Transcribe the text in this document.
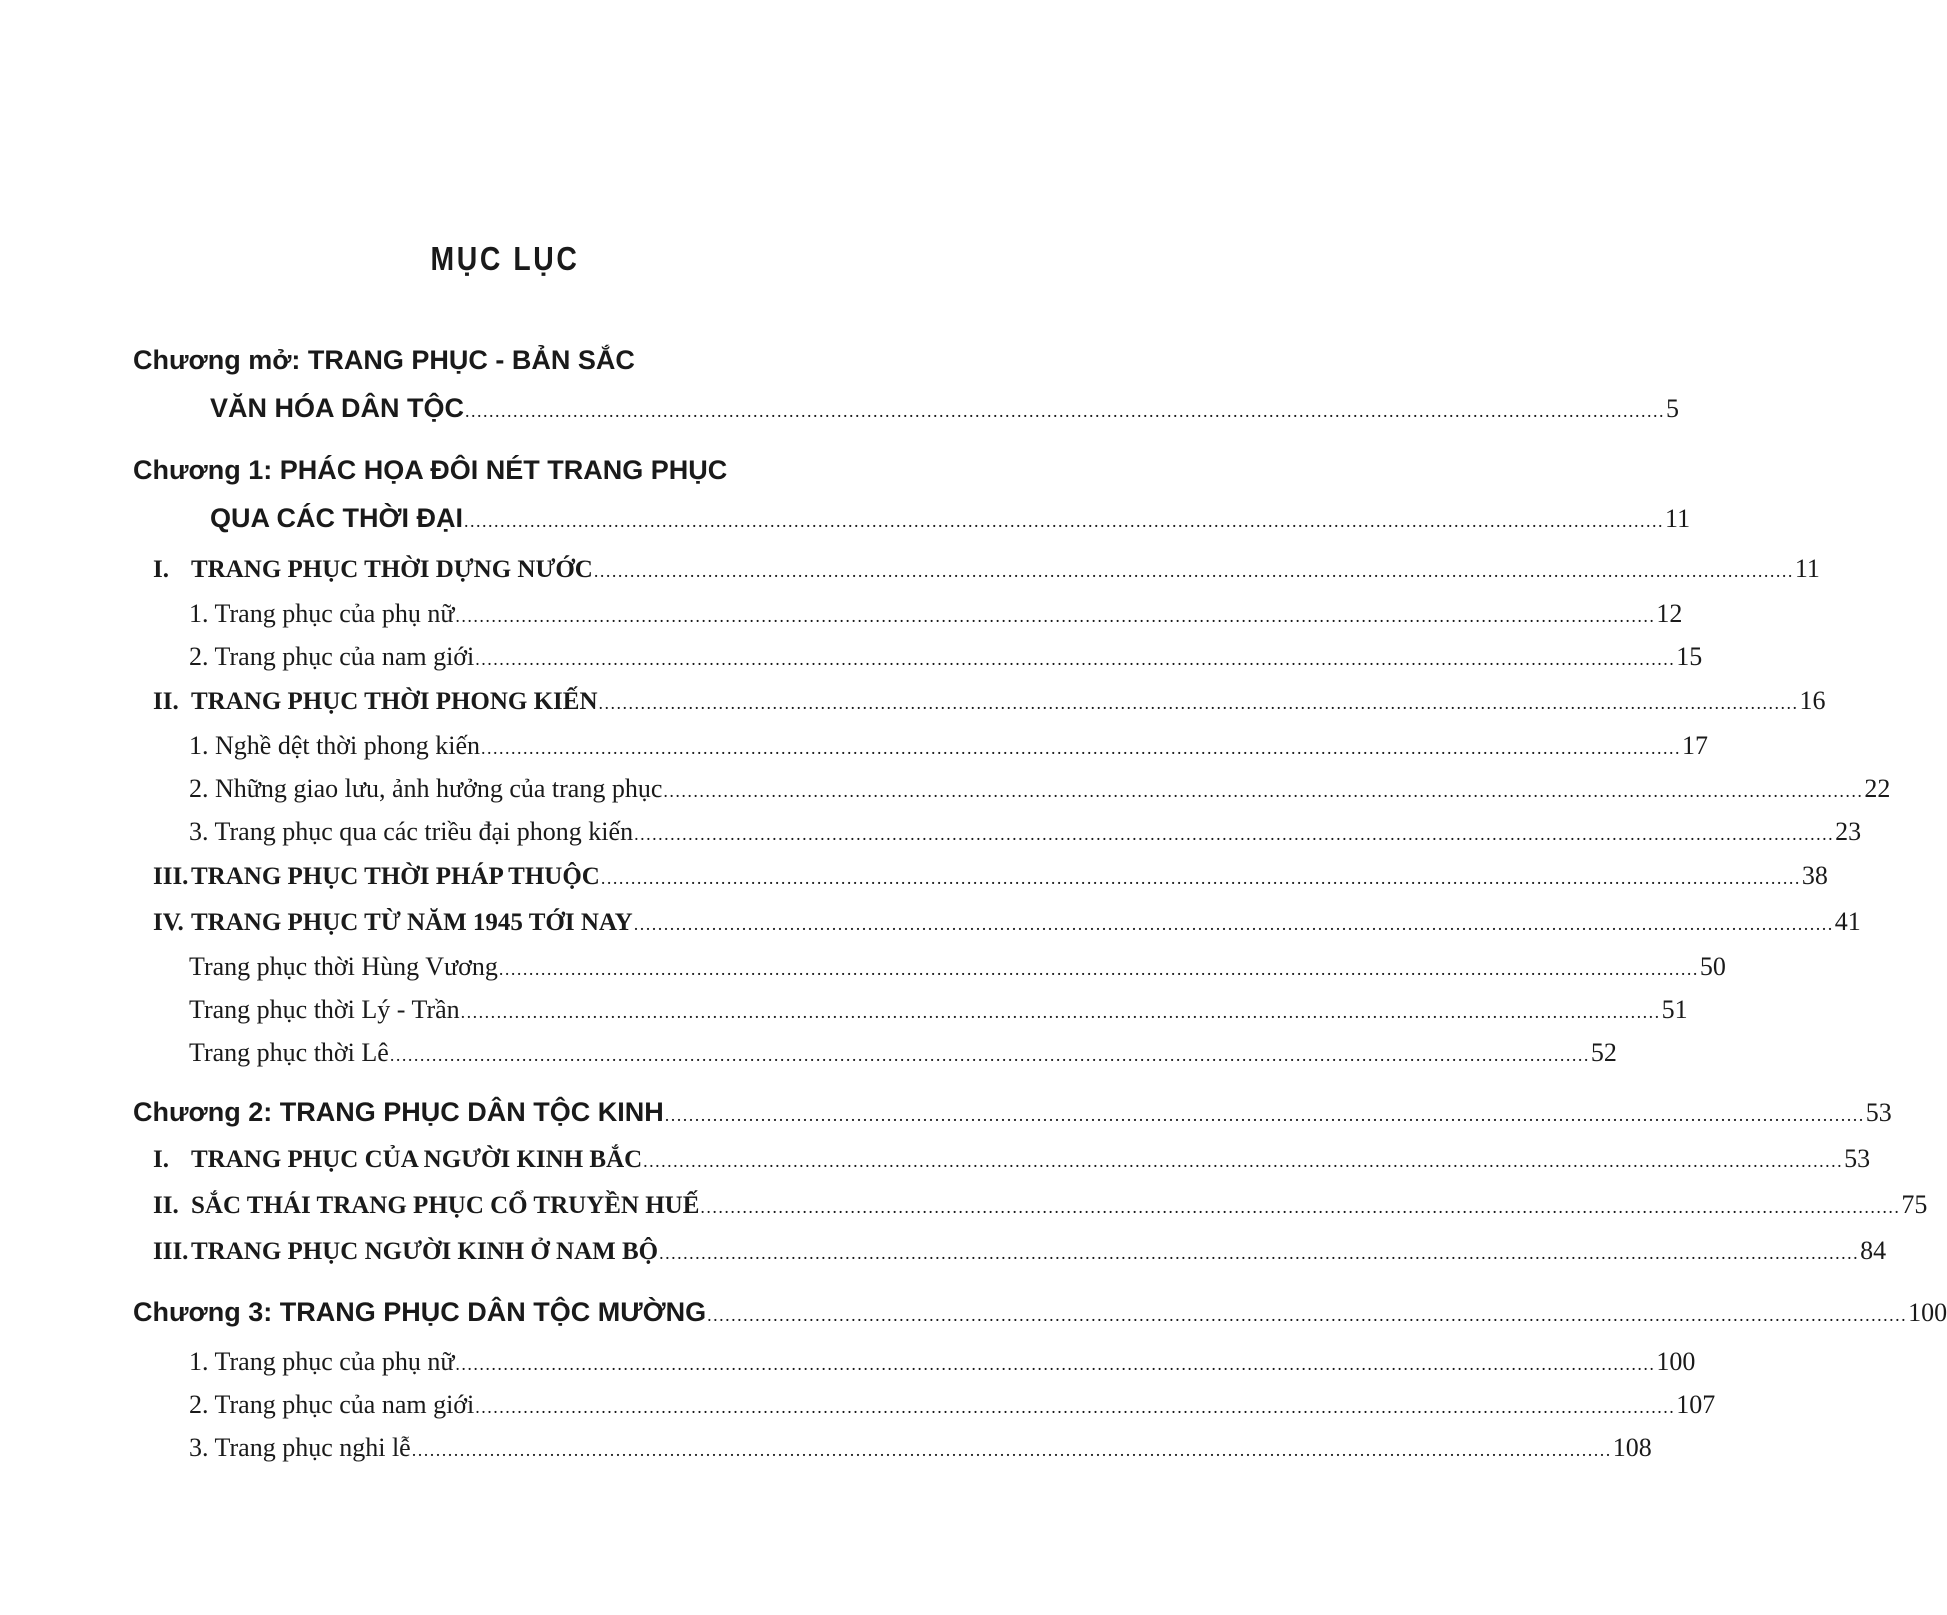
MỤC LỤC
Chương mở: TRANG PHỤC - BẢN SẮC
VĂN HÓA DÂN TỘC ........................................................................................................................................................................................................ 5
Chương 1: PHÁC HỌA ĐÔI NÉT TRANG PHỤC
QUA CÁC THỜI ĐẠI ........................................................................................................................................................................................................ 11
I. TRANG PHỤC THỜI DỰNG NƯỚC ........................................................................................................................................................................................................ 11
1. Trang phục của phụ nữ ........................................................................................................................................................................................................ 12
2. Trang phục của nam giới ........................................................................................................................................................................................................ 15
II. TRANG PHỤC THỜI PHONG KIẾN ........................................................................................................................................................................................................ 16
1. Nghề dệt thời phong kiến ........................................................................................................................................................................................................ 17
2. Những giao lưu, ảnh hưởng của trang phục ........................................................................................................................................................................................................ 22
3. Trang phục qua các triều đại phong kiến ........................................................................................................................................................................................................ 23
III. TRANG PHỤC THỜI PHÁP THUỘC ........................................................................................................................................................................................................ 38
IV. TRANG PHỤC TỪ NĂM 1945 TỚI NAY ........................................................................................................................................................................................................ 41
Trang phục thời Hùng Vương ........................................................................................................................................................................................................ 50
Trang phục thời Lý - Trần ........................................................................................................................................................................................................ 51
Trang phục thời Lê ........................................................................................................................................................................................................ 52
Chương 2: TRANG PHỤC DÂN TỘC KINH ........................................................................................................................................................................................................ 53
I. TRANG PHỤC CỦA NGƯỜI KINH BẮC ........................................................................................................................................................................................................ 53
II. SẮC THÁI TRANG PHỤC CỔ TRUYỀN HUẾ ........................................................................................................................................................................................................ 75
III. TRANG PHỤC NGƯỜI KINH Ở NAM BỘ ........................................................................................................................................................................................................ 84
Chương 3: TRANG PHỤC DÂN TỘC MƯỜNG ........................................................................................................................................................................................................ 100
1. Trang phục của phụ nữ ........................................................................................................................................................................................................ 100
2. Trang phục của nam giới ........................................................................................................................................................................................................ 107
3. Trang phục nghi lễ ........................................................................................................................................................................................................ 108
